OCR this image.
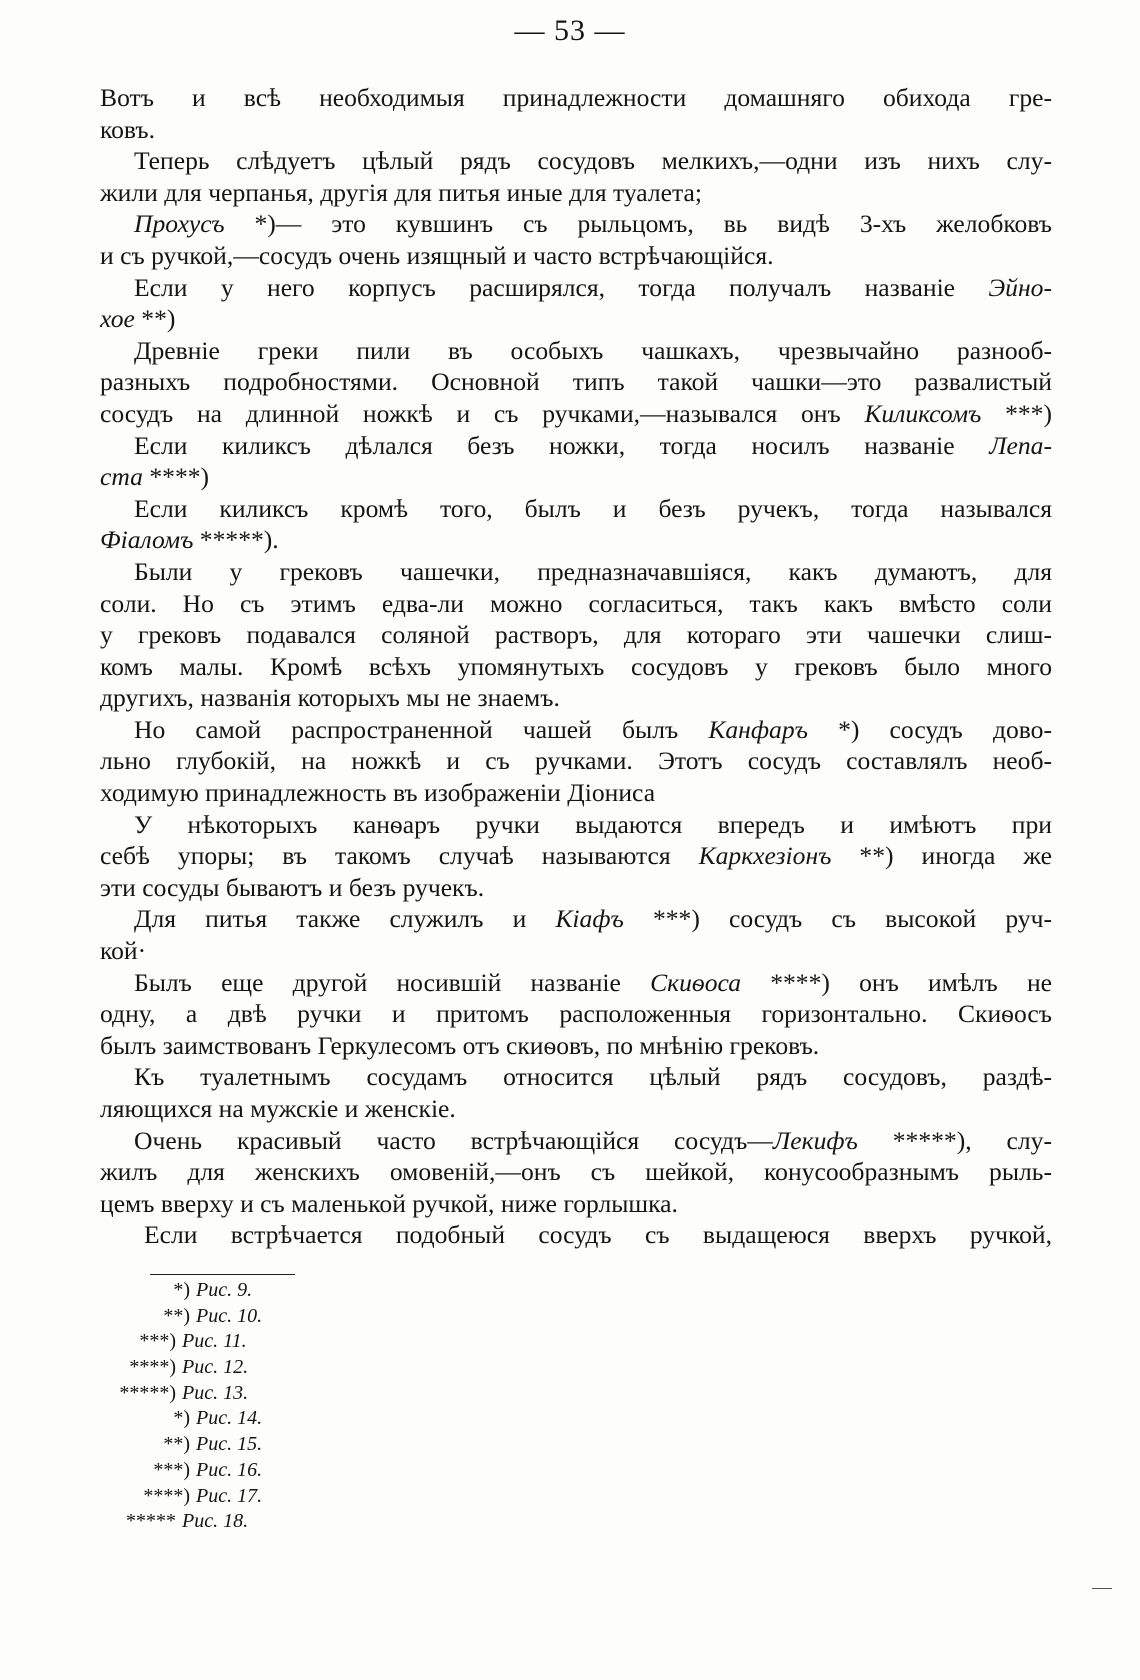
— 53 —
Вотъ и всѣ необходимыя принадлежности домашняго обихода гре-
ковъ.
Теперь слѣдуетъ цѣлый рядъ сосудовъ мелкихъ,—одни изъ нихъ слу-
жили для черпанья, другiя для питья иные для туалета;
Прохусъ *)— это кувшинъ съ рыльцомъ, вь видѣ 3-хъ желобковъ
и съ ручкой,—сосудъ очень изящный и часто встрѣчающiйся.
Если у него корпусъ расширялся, тогда получалъ названiе Эйно-
хое **)
Древнiе греки пили въ особыхъ чашкахъ, чрезвычайно разнооб-
разныхъ подробностями. Основной типъ такой чашки—это развалистый
сосудъ на длинной ножкѣ и съ ручками,—назывался онъ Киликсомъ ***)
Если киликсъ дѣлался безъ ножки, тогда носилъ названiе Лепа-
ста ****)
Если киликсъ кромѣ того, былъ и безъ ручекъ, тогда назывался
Фiаломъ *****).
Были у грековъ чашечки, предназначавшiяся, какъ думаютъ, для
соли. Но съ этимъ едва-ли можно согласиться, такъ какъ вмѣсто соли
у грековъ подавался соляной растворъ, для котораго эти чашечки слиш-
комъ малы. Кромѣ всѣхъ упомянутыхъ сосудовъ у грековъ было много
другихъ, названiя которыхъ мы не знаемъ.
Но самой распространенной чашей былъ Канфаръ *) сосудъ дово-
льно глубокiй, на ножкѣ и съ ручками. Этотъ сосудъ составлялъ необ-
ходимую принадлежность въ изображенiи Дiониса
У нѣкоторыхъ канѳаръ ручки выдаются впередъ и имѣютъ при
себѣ упоры; въ такомъ случаѣ называются Каркхезiонъ **) иногда же
эти сосуды бываютъ и безъ ручекъ.
Для питья также служилъ и Кiафъ ***) сосудъ съ высокой руч-
кой·
Былъ еще другой носившiй названiе Скиѳоса ****) онъ имѣлъ не
одну, а двѣ ручки и притомъ расположенныя горизонтально. Скиѳосъ
былъ заимствованъ Геркулесомъ отъ скиѳовъ, по мнѣнiю грековъ.
Къ туалетнымъ сосудамъ относится цѣлый рядъ сосудовъ, раздѣ-
ляющихся на мужскiе и женскiе.
Очень красивый часто встрѣчающiйся сосудъ—Лекифъ *****), слу-
жилъ для женскихъ омовенiй,—онъ съ шейкой, конусообразнымъ рыль-
цемъ вверху и съ маленькой ручкой, ниже горлышка.
Если встрѣчается подобный сосудъ съ выдащеюся вверхъ ручкой,
*) Рис. 9.
**) Рис. 10.
***) Рис. 11.
****) Рис. 12.
*****) Рис. 13.
*) Рис. 14.
**) Рис. 15.
***) Рис. 16.
****) Рис. 17.
***** Рис. 18.
